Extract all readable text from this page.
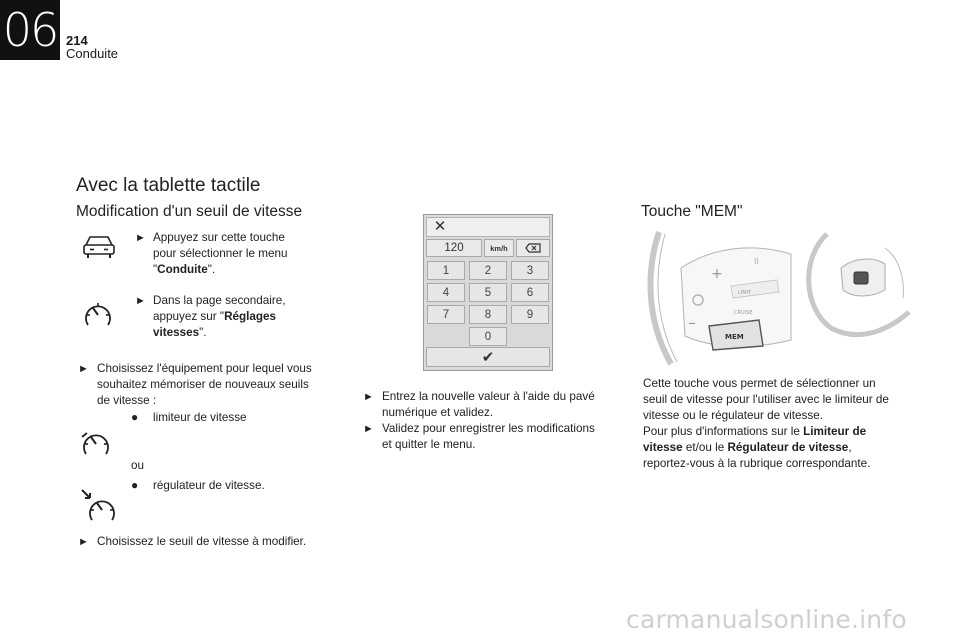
06 214
Conduite
Avec la tablette tactile
Modification d'un seuil de vitesse
► Appuyez sur cette touche
pour sélectionner le menu
"Conduite".
► Dans la page secondaire,
appuyez sur "Réglages
vitesses".
► Choisissez l'équipement pour lequel vous
souhaitez mémoriser de nouveaux seuils
de vitesse :
● limiteur de vitesse
ou
● régulateur de vitesse.
► Choisissez le seuil de vitesse à modifier.
✕
120	km/h
1	2	3
4	5	6
7	8	9
0
✔
► Entrez la nouvelle valeur à l'aide du pavé
numérique et validez.
► Validez pour enregistrer les modifications
et quitter le menu.
Touche "MEM"
+
–
II
LIMIT
CRUISE
MEM
Cette touche vous permet de sélectionner un
seuil de vitesse pour l'utiliser avec le limiteur de
vitesse ou le régulateur de vitesse.
Pour plus d'informations sur le Limiteur de
vitesse et/ou le Régulateur de vitesse,
reportez-vous à la rubrique correspondante.
carmanualsonline.info
